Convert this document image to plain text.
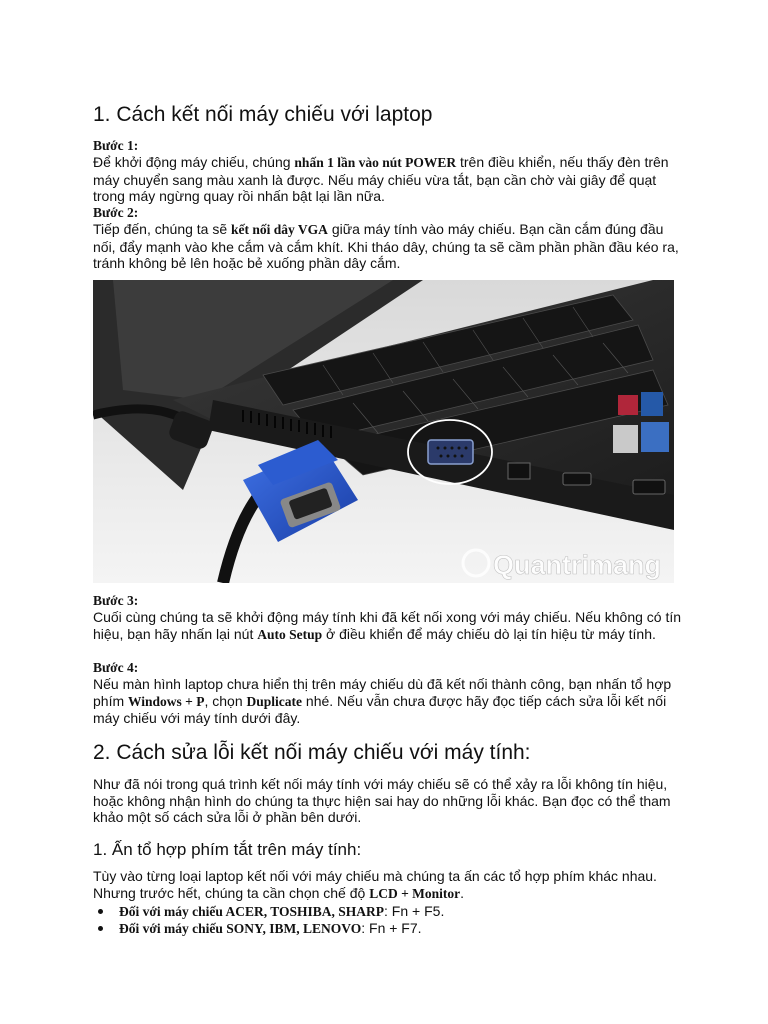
1. Cách kết nối máy chiếu với laptop
Bước 1:

Để khởi động máy chiếu, chúng nhấn 1 lần vào nút POWER trên điều khiển, nếu thấy đèn trên máy chuyển sang màu xanh là được. Nếu máy chiếu vừa tắt, bạn cần chờ vài giây để quạt trong máy ngừng quay rồi nhấn bật lại lần nữa.

Bước 2:

Tiếp đến, chúng ta sẽ kết nối dây VGA giữa máy tính vào máy chiếu. Bạn cần cắm đúng đầu nối, đẩy mạnh vào khe cắm và cắm khít. Khi tháo dây, chúng ta sẽ cầm phần phần đầu kéo ra, tránh không bẻ lên hoặc bẻ xuống phần dây cắm.

Quantrimang
Bước 3:

Cuối cùng chúng ta sẽ khởi động máy tính khi đã kết nối xong với máy chiếu. Nếu không có tín hiệu, bạn hãy nhấn lại nút Auto Setup ở điều khiển để máy chiếu dò lại tín hiệu từ máy tính.

Bước 4:

Nếu màn hình laptop chưa hiển thị trên máy chiếu dù đã kết nối thành công, bạn nhấn tổ hợp phím Windows + P, chọn Duplicate nhé. Nếu vẫn chưa được hãy đọc tiếp cách sửa lỗi kết nối máy chiếu với máy tính dưới đây.

2. Cách sửa lỗi kết nối máy chiếu với máy tính:

Như đã nói trong quá trình kết nối máy tính với máy chiếu sẽ có thể xảy ra lỗi không tín hiệu, hoặc không nhận hình do chúng ta thực hiện sai hay do những lỗi khác. Bạn đọc có thể tham khảo một số cách sửa lỗi ở phần bên dưới.

1. Ấn tổ hợp phím tắt trên máy tính:

Tùy vào từng loại laptop kết nối với máy chiếu mà chúng ta ấn các tổ hợp phím khác nhau. Nhưng trước hết, chúng ta cần chọn chế độ LCD + Monitor.

Đối với máy chiếu ACER, TOSHIBA, SHARP: Fn + F5.
Đối với máy chiếu SONY, IBM, LENOVO: Fn + F7.
